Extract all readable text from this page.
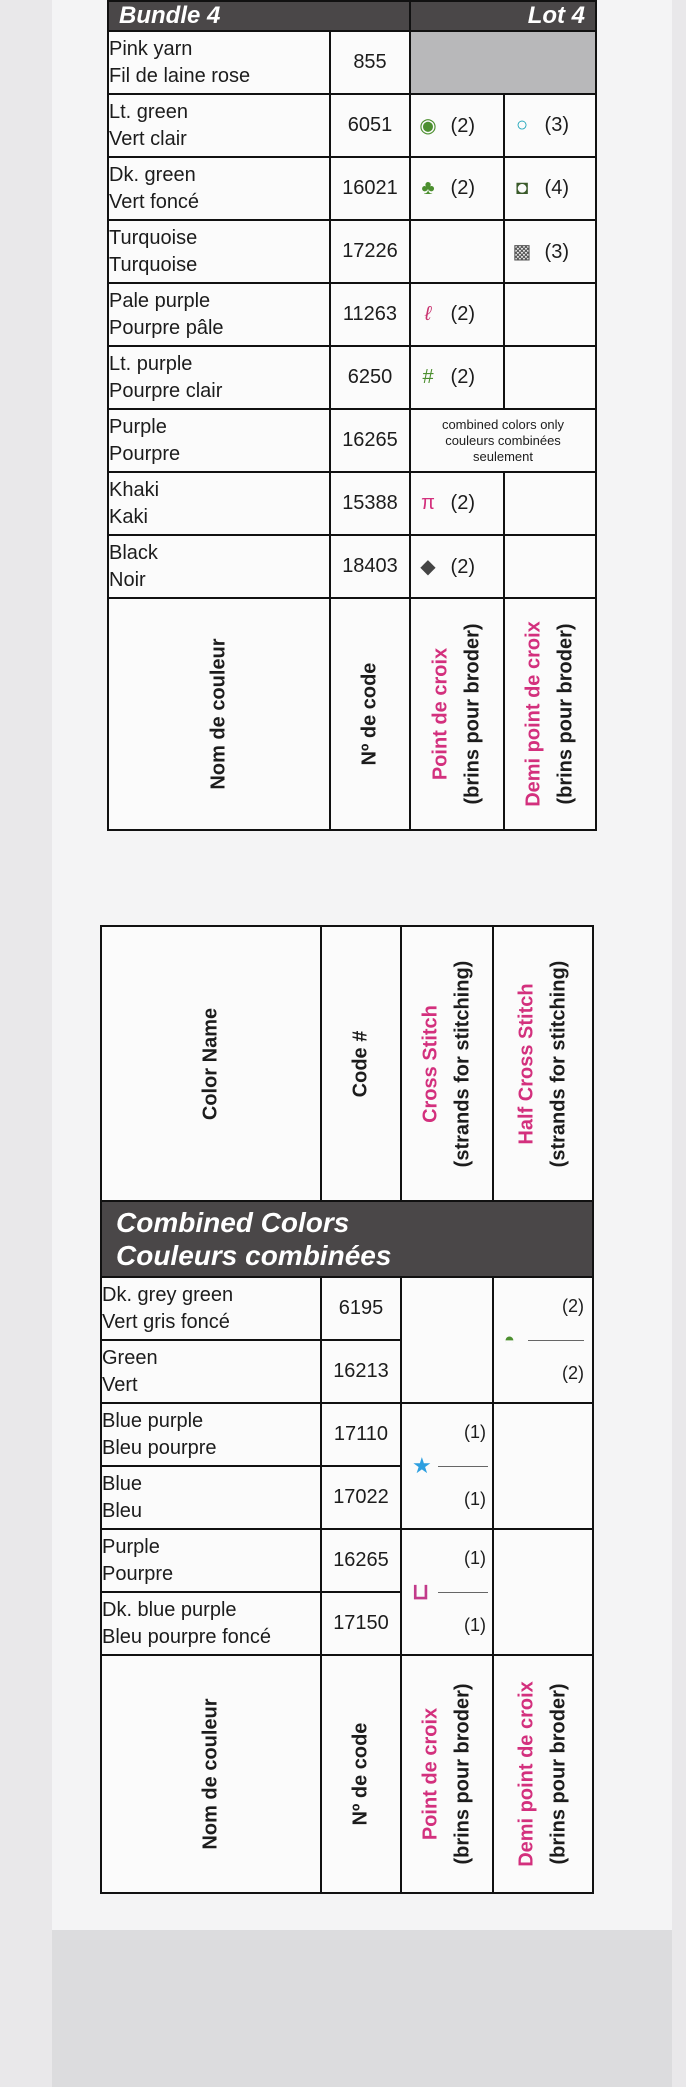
Bundle 4		Lot 4	
Pink yarn
Fil de laine rose	855		
Lt. green
Vert clair	6051	◉ (2)	○ (3)
Dk. green
Vert foncé	16021	♣ (2)	◘ (4)
Turquoise
Turquoise	17226		▩ (3)
Pale purple
Pourpre pâle	11263	ℓ (2)	
Lt. purple
Pourpre clair	6250	# (2)	
Purple
Pourpre	16265	combined colors only
couleurs combinées
seulement	
Khaki
Kaki	15388	π (2)	
Black
Noir	18403	◆ (2)	

Nom de couleur	Nº de code	Point de croix (brins pour broder)	Demi point de croix (brins pour broder)
Color Name	Code #	Cross Stitch (strands for stitching)	Half Cross Stitch (strands for stitching)

Combined Colors
Couleurs combinées			
Dk. grey green
Vert gris foncé	6195		◓
(2)
(2)

Green
Vert	16213		
Blue purple
Bleu pourpre	17110	★
(1)
(1)	

Blue
Bleu	17022		
Purple
Pourpre	16265	⊔
(1)
(1)	

Dk. blue purple
Bleu pourpre foncé	17150		

Nom de couleur	Nº de code	Point de croix (brins pour broder)	Demi point de croix (brins pour broder)
